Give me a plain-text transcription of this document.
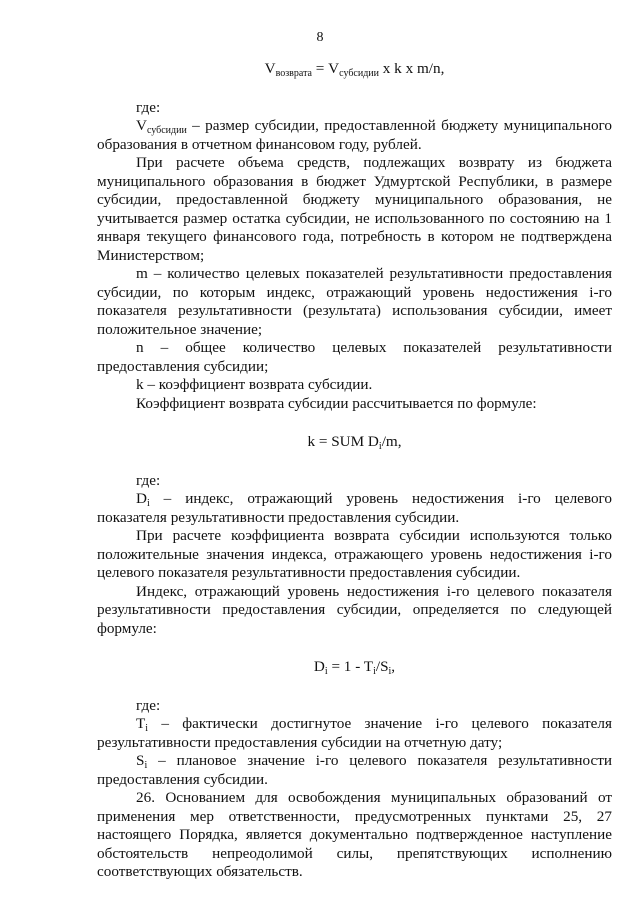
8

$V_{возврата} = V_{субсидии}$ x k x m/n,

где:

$V_{субсидии}$ – размер субсидии, предоставленной бюджету муниципального образования в отчетном финансовом году, рублей.

При расчете объема средств, подлежащих возврату из бюджета муниципального образования в бюджет Удмуртской Республики, в размере субсидии, предоставленной бюджету муниципального образования, не учитывается размер остатка субсидии, не использованного по состоянию на 1 января текущего финансового года, потребность в котором не подтверждена Министерством;

m – количество целевых показателей результативности предоставления субсидии, по которым индекс, отражающий уровень недостижения i-го показателя результативности (результата) использования субсидии, имеет положительное значение;

n – общее количество целевых показателей результативности предоставления субсидии;

k – коэффициент возврата субсидии.

Коэффициент возврата субсидии рассчитывается по формуле:

k = SUM $D_i/m$,

где:

$D_i$ – индекс, отражающий уровень недостижения i-го целевого показателя результативности предоставления субсидии.

При расчете коэффициента возврата субсидии используются только положительные значения индекса, отражающего уровень недостижения i-го целевого показателя результативности предоставления субсидии.

Индекс, отражающий уровень недостижения i-го целевого показателя результативности предоставления субсидии, определяется по следующей формуле:

$D_i = 1 - T_i/S_i$,

где:

$T_i$ – фактически достигнутое значение i-го целевого показателя результативности предоставления субсидии на отчетную дату;

$S_i$ – плановое значение i-го целевого показателя результативности предоставления субсидии.

26. Основанием для освобождения муниципальных образований от применения мер ответственности, предусмотренных пунктами 25, 27 настоящего Порядка, является документально подтвержденное наступление обстоятельств непреодолимой силы, препятствующих исполнению соответствующих обязательств.
